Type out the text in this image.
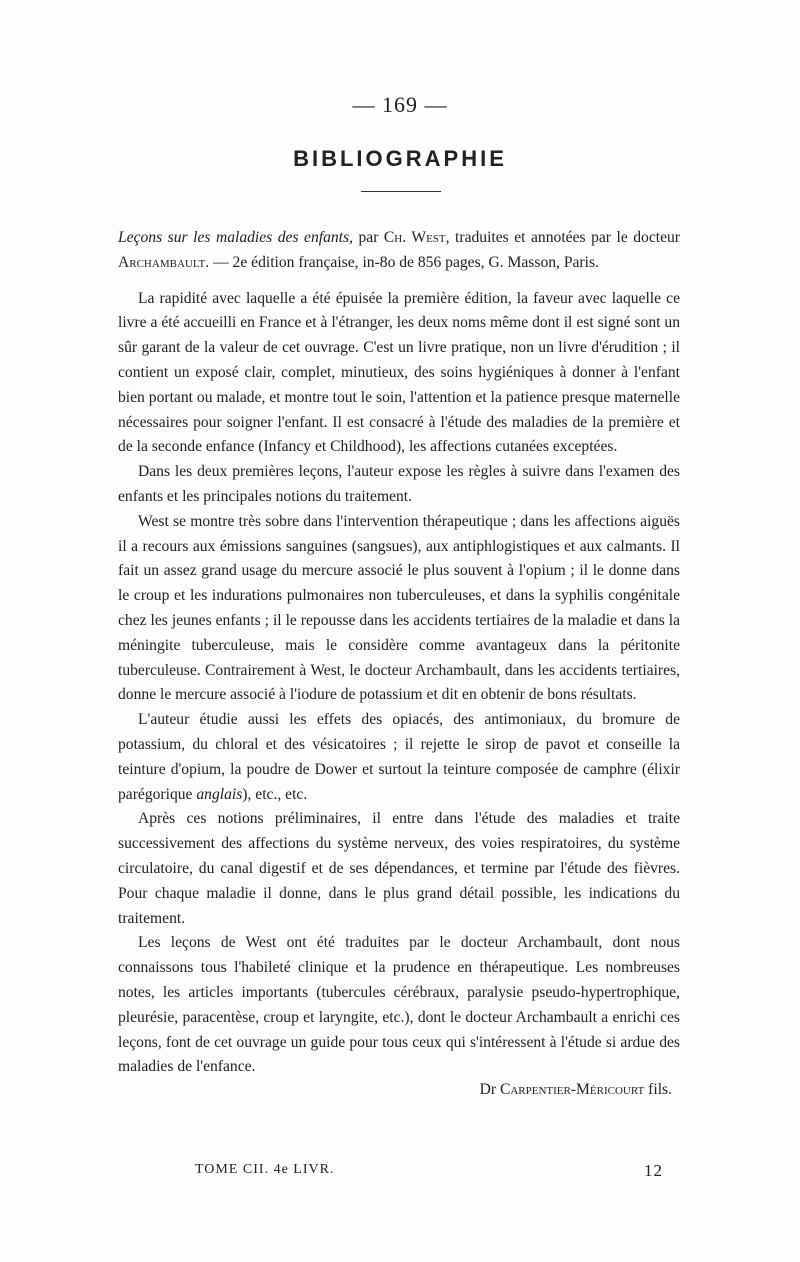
— 169 —
BIBLIOGRAPHIE

Leçons sur les maladies des enfants, par Ch. West, traduites et annotées par le docteur Archambault. — 2e édition française, in-8o de 856 pages, G. Masson, Paris.

La rapidité avec laquelle a été épuisée la première édition, la faveur avec laquelle ce livre a été accueilli en France et à l'étranger, les deux noms même dont il est signé sont un sûr garant de la valeur de cet ouvrage. C'est un livre pratique, non un livre d'érudition ; il contient un exposé clair, complet, minutieux, des soins hygiéniques à donner à l'enfant bien portant ou malade, et montre tout le soin, l'attention et la patience presque maternelle nécessaires pour soigner l'enfant. Il est consacré à l'étude des maladies de la première et de la seconde enfance (Infancy et Childhood), les affections cutanées exceptées.

Dans les deux premières leçons, l'auteur expose les règles à suivre dans l'examen des enfants et les principales notions du traitement.

West se montre très sobre dans l'intervention thérapeutique ; dans les affections aiguës il a recours aux émissions sanguines (sangsues), aux antiphlogistiques et aux calmants. Il fait un assez grand usage du mercure associé le plus souvent à l'opium ; il le donne dans le croup et les indurations pulmonaires non tuberculeuses, et dans la syphilis congénitale chez les jeunes enfants ; il le repousse dans les accidents tertiaires de la maladie et dans la méningite tuberculeuse, mais le considère comme avantageux dans la péritonite tuberculeuse. Contrairement à West, le docteur Archambault, dans les accidents tertiaires, donne le mercure associé à l'iodure de potassium et dit en obtenir de bons résultats.

L'auteur étudie aussi les effets des opiacés, des antimoniaux, du bromure de potassium, du chloral et des vésicatoires ; il rejette le sirop de pavot et conseille la teinture d'opium, la poudre de Dower et surtout la teinture composée de camphre (élixir parégorique anglais), etc., etc.

Après ces notions préliminaires, il entre dans l'étude des maladies et traite successivement des affections du système nerveux, des voies respiratoires, du système circulatoire, du canal digestif et de ses dépendances, et termine par l'étude des fièvres. Pour chaque maladie il donne, dans le plus grand détail possible, les indications du traitement.

Les leçons de West ont été traduites par le docteur Archambault, dont nous connaissons tous l'habileté clinique et la prudence en thérapeutique. Les nombreuses notes, les articles importants (tubercules cérébraux, paralysie pseudo-hypertrophique, pleurésie, paracentèse, croup et laryngite, etc.), dont le docteur Archambault a enrichi ces leçons, font de cet ouvrage un guide pour tous ceux qui s'intéressent à l'étude si ardue des maladies de l'enfance.

Dr Carpentier-Méricourt fils.
TOME CII. 4e LIVR.	12
